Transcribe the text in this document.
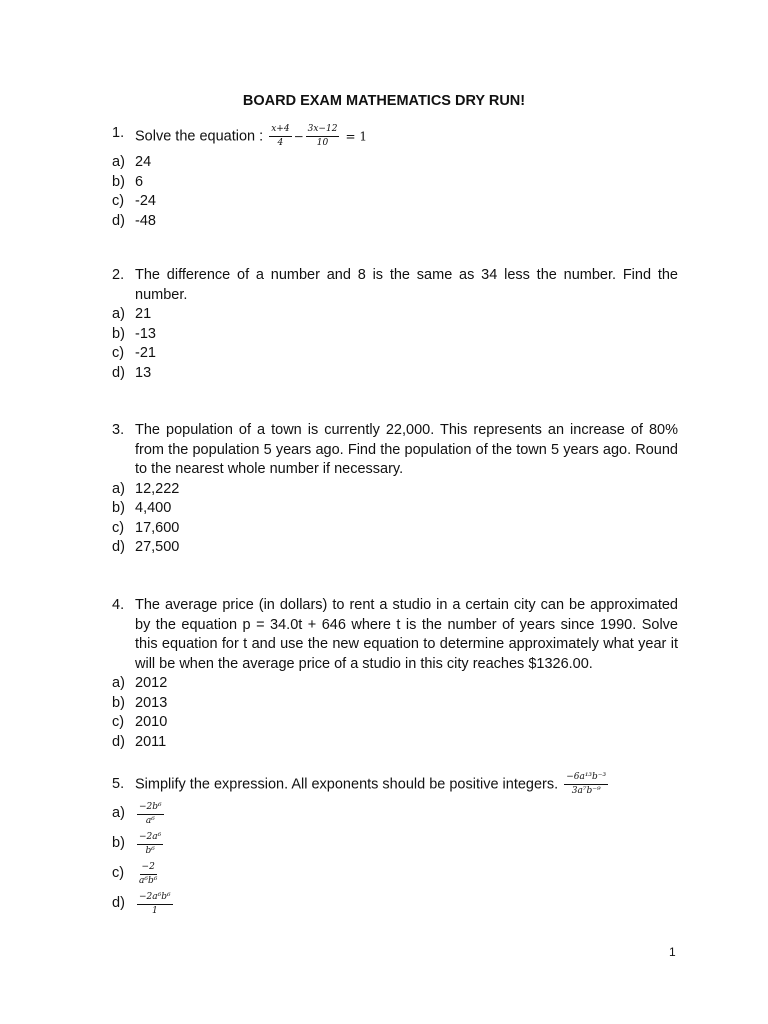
BOARD EXAM MATHEMATICS DRY RUN!
1. Solve the equation : $\frac{x+4}{4} - \frac{3x-12}{10} = 1$
a) 24
b) 6
c) -24
d) -48
2. The difference of a number and 8 is the same as 34 less the number. Find the number.
a) 21
b) -13
c) -21
d) 13
3. The population of a town is currently 22,000. This represents an increase of 80% from the population 5 years ago. Find the population of the town 5 years ago. Round to the nearest whole number if necessary.
a) 12,222
b) 4,400
c) 17,600
d) 27,500
4. The average price (in dollars) to rent a studio in a certain city can be approximated by the equation p = 34.0t + 646 where t is the number of years since 1990. Solve this equation for t and use the new equation to determine approximately what year it will be when the average price of a studio in this city reaches $1326.00.
a) 2012
b) 2013
c) 2010
d) 2011
5. Simplify the expression. All exponents should be positive integers. $\frac{\text{−6a¹³b⁻³}}{\text{3a⁷b⁻⁹}}$
a)	$\frac{\text{−2b⁶}}{\text{a⁶}}$
b)	$\frac{\text{−2a⁶}}{\text{b⁶}}$
c)	$\frac{-2}{\text{a⁶b⁶}}$
d)	$\frac{\text{−2a⁶b⁶}}{1}$
1
